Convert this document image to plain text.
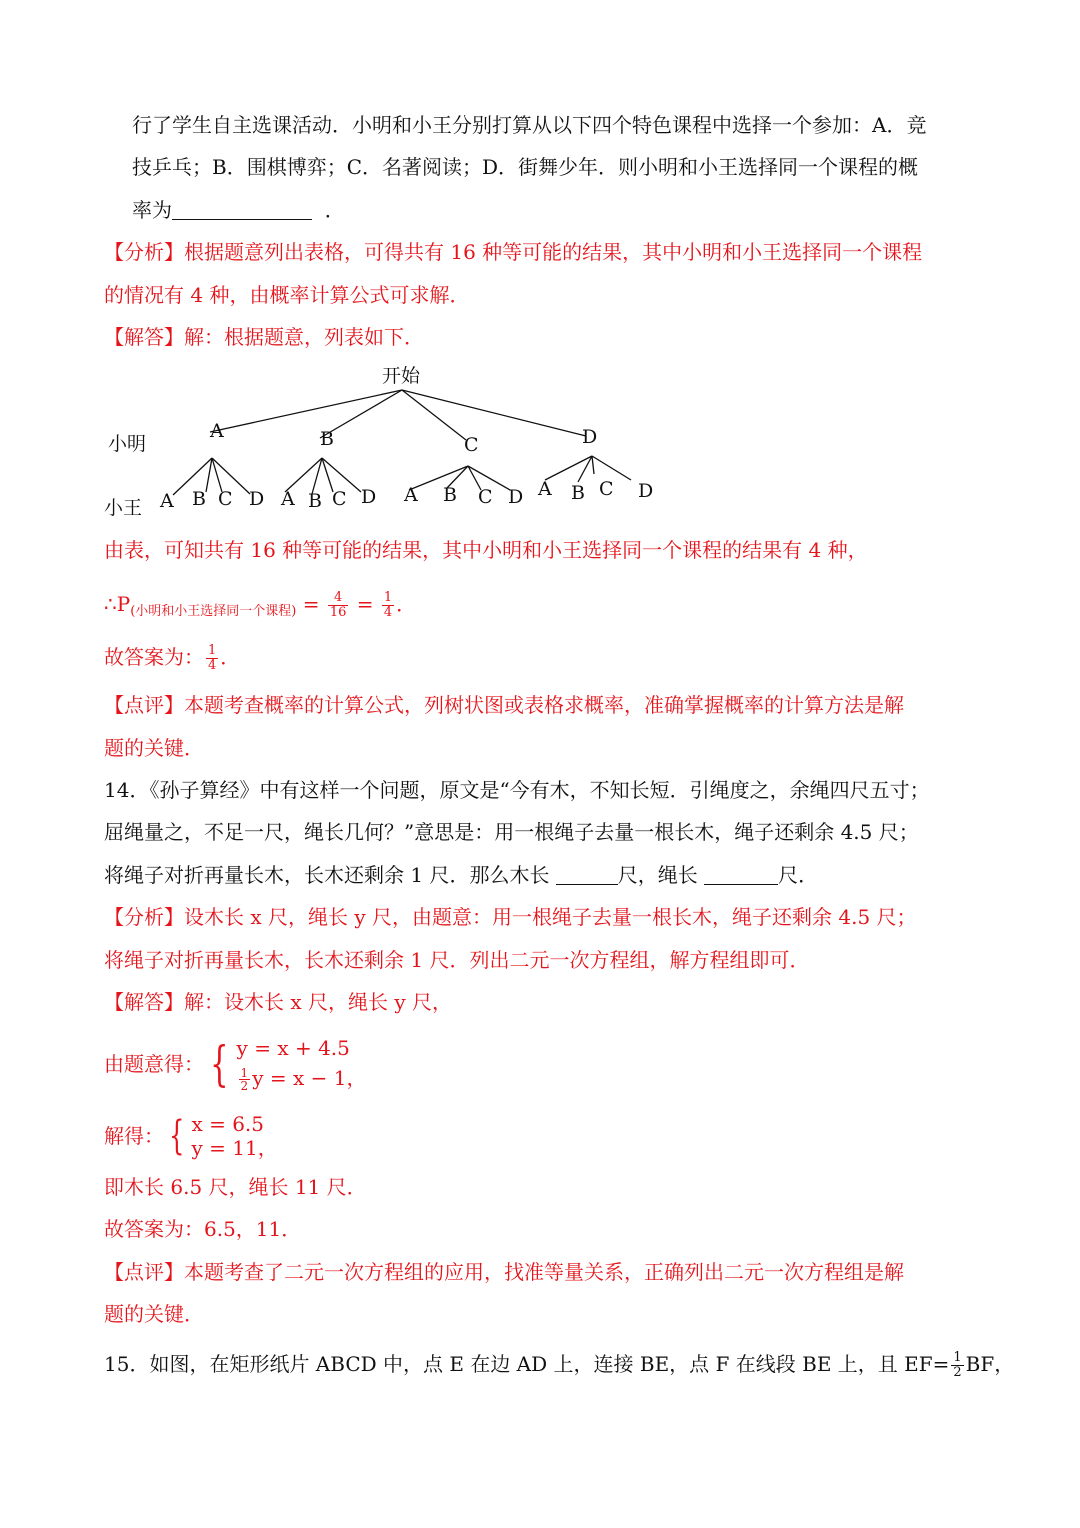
行了学生自主选课活动．小明和小王分别打算从以下四个特色课程中选择一个参加：A．竞
技乒乓；B．围棋博弈；C．名著阅读；D．街舞少年．则小明和小王选择同一个课程的概
率为	．
【分析】根据题意列出表格，可得共有 16 种等可能的结果，其中小明和小王选择同一个课程
的情况有 4 种，由概率计算公式可求解．
【解答】解：根据题意，列表如下．
开始
小明
小王
A	B	C	D
A B C D A B C D A B C D A B C D
由表，可知共有 16 种等可能的结果，其中小明和小王选择同一个课程的结果有 4 种，
$\therefore P_{(小明和小王选择同一个课程)} = \frac{4}{16} = \frac{1}{4}$ ．
故答案为： $\frac{1}{4}$ ．
【点评】本题考查概率的计算公式，列树状图或表格求概率，准确掌握概率的计算方法是解
题的关键．
14．《孙子算经》中有这样一个问题，原文是“今有木，不知长短．引绳度之，余绳四尺五寸；
屈绳量之，不足一尺，绳长几何？”意思是：用一根绳子去量一根长木，绳子还剩余 4.5 尺；
将绳子对折再量长木，长木还剩余 1 尺．那么木长	尺，绳长	尺．
【分析】设木长 x 尺，绳长 y 尺，由题意：用一根绳子去量一根长木，绳子还剩余 4.5 尺；
将绳子对折再量长木，长木还剩余 1 尺．列出二元一次方程组，解方程组即可．
【解答】解：设木长 x 尺，绳长 y 尺，
由题意得： { y = x + 4.5
$\frac{1}{2}$ y = x − 1，
解得： { x = 6.5
y = 11，
即木长 6.5 尺，绳长 11 尺．
故答案为：6.5，11．
【点评】本题考查了二元一次方程组的应用，找准等量关系，正确列出二元一次方程组是解
题的关键．
15．如图，在矩形纸片 ABCD 中，点 E 在边 AD 上，连接 BE，点 F 在线段 BE 上，且 $EF= \frac{1}{2}$ BF，
